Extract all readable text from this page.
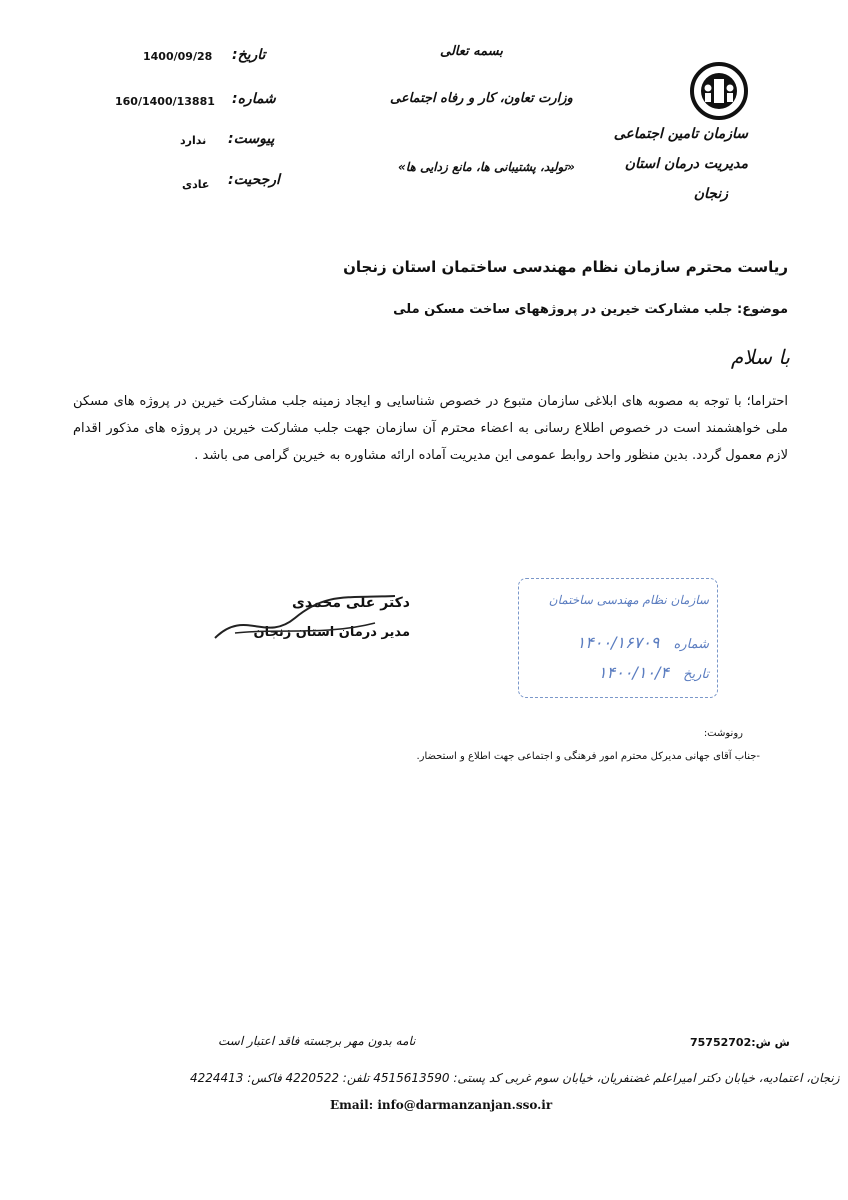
سازمان تامین اجتماعی
مدیریت درمان استان
زنجان
بسمه تعالی
وزارت تعاون، کار و رفاه اجتماعی
«تولید، پشتیبانی ها، مانع زدایی ها»
تاریخ:
1400/09/28
شماره:
160/1400/13881
پیوست:
ندارد
ارجحیت:
عادی
ریاست محترم سازمان نظام مهندسی ساختمان استان زنجان
موضوع: جلب مشارکت خیرین در پروژههای ساخت مسکن ملی
با سلام
احتراما؛ با توجه به مصوبه های ابلاغی سازمان متبوع در خصوص شناسایی و ایجاد زمینه جلب مشارکت خیرین در پروژه های مسکن ملی خواهشمند است در خصوص اطلاع رسانی به اعضاء محترم آن سازمان جهت جلب مشارکت خیرین در پروژه های مذکور اقدام لازم معمول گردد. بدین منظور واحد روابط عمومی این مدیریت آماده ارائه مشاوره به خیرین گرامی می باشد .
دکتر علی محمدی
مدیر درمان استان زنجان
سازمان نظام مهندسی ساختمان
شماره ۱۴۰۰/۱۶۷۰۹
تاریخ ۱۴۰۰/۱۰/۴
رونوشت:
-جناب آقای جهانی مدیرکل محترم امور فرهنگی و اجتماعی جهت اطلاع و استحضار.
ش ش:75752702
نامه بدون مهر برجسته فاقد اعتبار است
زنجان، اعتمادیه، خیابان دکتر امیراعلم غضنفریان، خیابان سوم غربی کد پستی: 4515613590 تلفن: 4220522 فاکس: 4224413
Email: info@darmanzanjan.sso.ir
